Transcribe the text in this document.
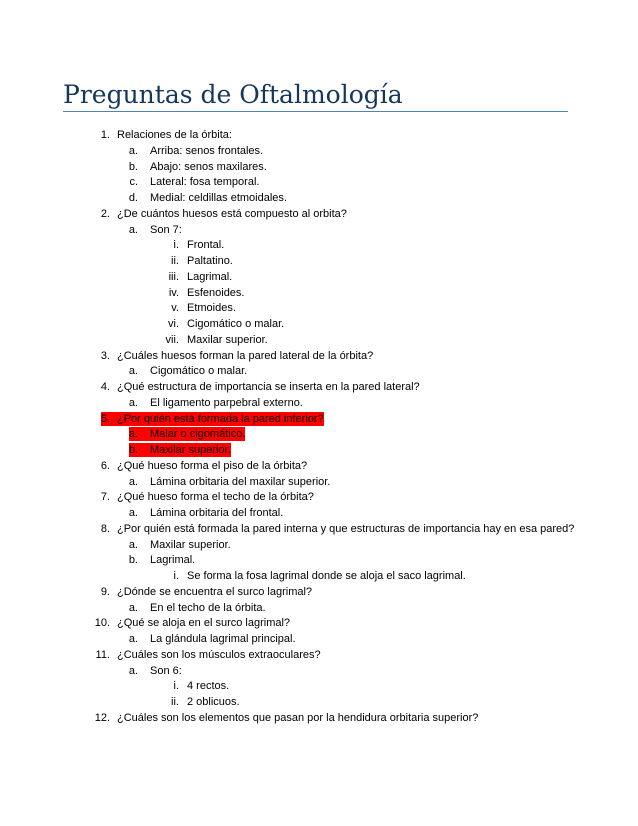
Preguntas de Oftalmología
1. Relaciones de la órbita:
a. Arriba: senos frontales.
b. Abajo: senos maxilares.
c. Lateral: fosa temporal.
d. Medial: celdillas etmoidales.
2. ¿De cuántos huesos está compuesto al orbita?
a. Son 7:
i. Frontal.
ii. Paltatino.
iii. Lagrimal.
iv. Esfenoides.
v. Etmoides.
vi. Cigomático o malar.
vii. Maxilar superior.
3. ¿Cuáles huesos forman la pared lateral de la órbita?
a. Cigomático o malar.
4. ¿Qué estructura de importancia se inserta en la pared lateral?
a. El ligamento parpebral externo.
5. ¿Por quién está formada la pared inferior?
a. Malar o cigomático.
b. Maxilar superior.
6. ¿Qué hueso forma el piso de la órbita?
a. Lámina orbitaria del maxilar superior.
7. ¿Qué hueso forma el techo de la órbita?
a. Lámina orbitaria del frontal.
8. ¿Por quién está formada la pared interna y que estructuras de importancia hay en esa pared?
a. Maxilar superior.
b. Lagrimal.
i. Se forma la fosa lagrimal donde se aloja el saco lagrimal.
9. ¿Dónde se encuentra el surco lagrimal?
a. En el techo de la órbita.
10. ¿Qué se aloja en el surco lagrimal?
a. La glándula lagrimal principal.
11. ¿Cuáles son los músculos extraoculares?
a. Son 6:
i. 4 rectos.
ii. 2 oblicuos.
12. ¿Cuáles son los elementos que pasan por la hendidura orbitaria superior?
